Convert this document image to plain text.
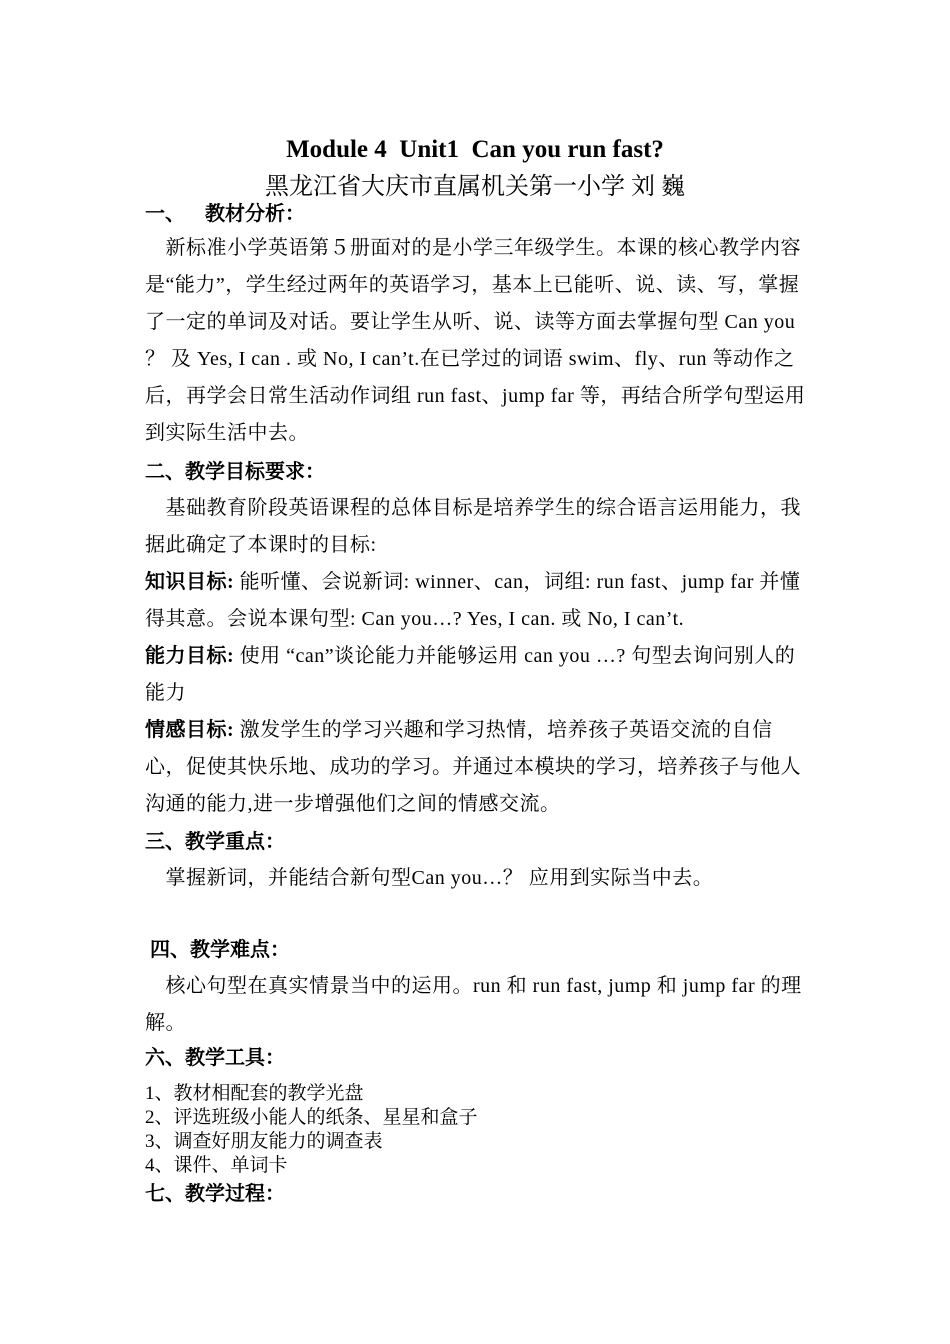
Module 4  Unit1  Can you run fast?
黑龙江省大庆市直属机关第一小学 刘 巍
一、    教材分析：
　新标准小学英语第５册面对的是小学三年级学生。本课的核心教学内容是“能力”，学生经过两年的英语学习，基本上已能听、说、读、写，掌握了一定的单词及对话。要让学生从听、说、读等方面去掌握句型 Can you ？ 及 Yes, I can . 或 No, I can’t.在已学过的词语 swim、fly、run 等动作之后，再学会日常生活动作词组 run fast、jump far 等，再结合所学句型运用到实际生活中去。
二、教学目标要求：
　基础教育阶段英语课程的总体目标是培养学生的综合语言运用能力，我据此确定了本课时的目标:
知识目标: 能听懂、会说新词: winner、can，词组: run fast、jump far 并懂得其意。会说本课句型: Can you…? Yes, I can. 或 No, I can’t.
能力目标: 使用 “can”谈论能力并能够运用 can you …? 句型去询问别人的能力
情感目标: 激发学生的学习兴趣和学习热情，培养孩子英语交流的自信心，促使其快乐地、成功的学习。并通过本模块的学习，培养孩子与他人沟通的能力,进一步增强他们之间的情感交流。
三、教学重点：
　掌握新词，并能结合新句型Can you…？ 应用到实际当中去。
四、教学难点：
　核心句型在真实情景当中的运用。run 和 run fast, jump 和 jump far 的理解。
六、教学工具：
1、教材相配套的教学光盘
2、评选班级小能人的纸条、星星和盒子
3、调查好朋友能力的调查表
4、课件、单词卡
七、教学过程：
